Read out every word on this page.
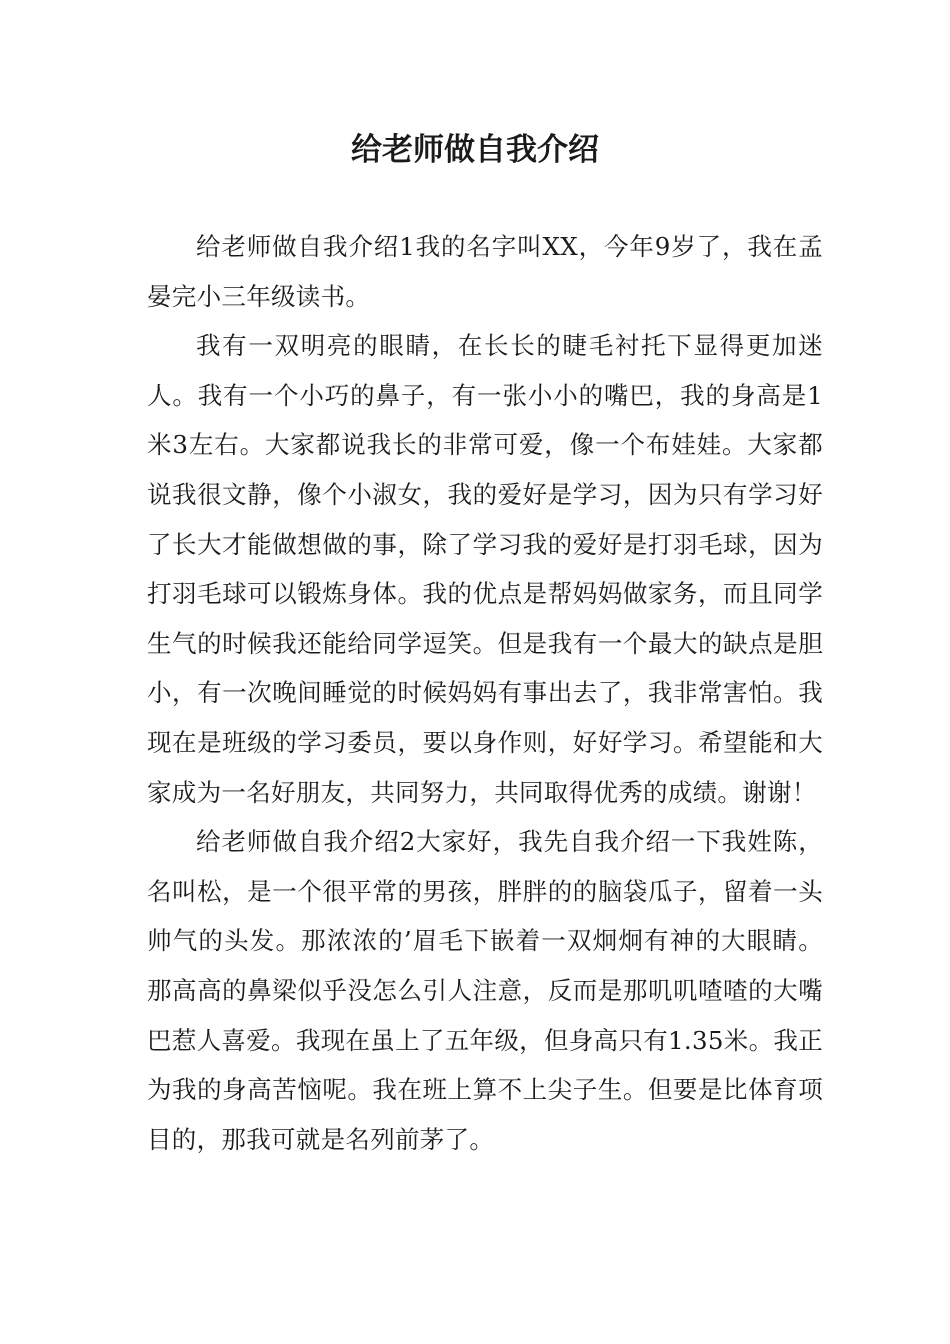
给老师做自我介绍

给老师做自我介绍1我的名字叫XX，今年9岁了，我在孟晏完小三年级读书。

我有一双明亮的眼睛，在长长的睫毛衬托下显得更加迷人。我有一个小巧的鼻子，有一张小小的嘴巴，我的身高是1米3左右。大家都说我长的非常可爱，像一个布娃娃。大家都说我很文静，像个小淑女，我的爱好是学习，因为只有学习好了长大才能做想做的事，除了学习我的爱好是打羽毛球，因为打羽毛球可以锻炼身体。我的优点是帮妈妈做家务，而且同学生气的时候我还能给同学逗笑。但是我有一个最大的缺点是胆小，有一次晚间睡觉的时候妈妈有事出去了，我非常害怕。我现在是班级的学习委员，要以身作则，好好学习。希望能和大家成为一名好朋友，共同努力，共同取得优秀的成绩。谢谢！

给老师做自我介绍2大家好，我先自我介绍一下我姓陈，名叫松，是一个很平常的男孩，胖胖的的脑袋瓜子，留着一头帅气的头发。那浓浓的’眉毛下嵌着一双炯炯有神的大眼睛。那高高的鼻梁似乎没怎么引人注意，反而是那叽叽喳喳的大嘴巴惹人喜爱。我现在虽上了五年级，但身高只有1.35米。我正为我的身高苦恼呢。我在班上算不上尖子生。但要是比体育项目的，那我可就是名列前茅了。
